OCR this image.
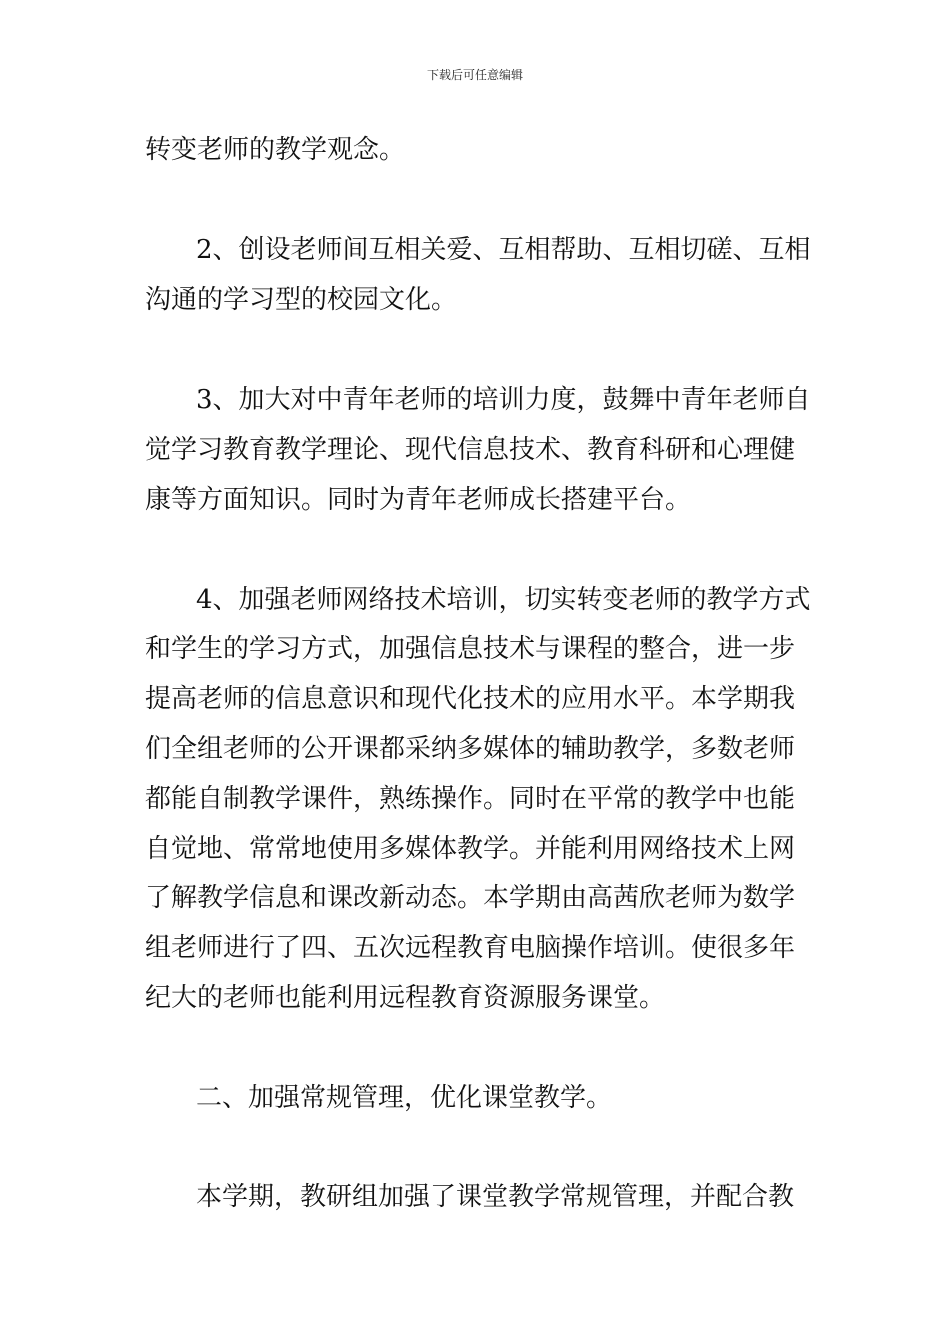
下载后可任意编辑
转变老师的教学观念。
2、创设老师间互相关爱、互相帮助、互相切磋、互相
沟通的学习型的校园文化。
3、加大对中青年老师的培训力度，鼓舞中青年老师自
觉学习教育教学理论、现代信息技术、教育科研和心理健
康等方面知识。同时为青年老师成长搭建平台。
4、加强老师网络技术培训，切实转变老师的教学方式
和学生的学习方式，加强信息技术与课程的整合，进一步
提高老师的信息意识和现代化技术的应用水平。本学期我
们全组老师的公开课都采纳多媒体的辅助教学，多数老师
都能自制教学课件，熟练操作。同时在平常的教学中也能
自觉地、常常地使用多媒体教学。并能利用网络技术上网
了解教学信息和课改新动态。本学期由高茜欣老师为数学
组老师进行了四、五次远程教育电脑操作培训。使很多年
纪大的老师也能利用远程教育资源服务课堂。
二、加强常规管理，优化课堂教学。
本学期，教研组加强了课堂教学常规管理，并配合教
